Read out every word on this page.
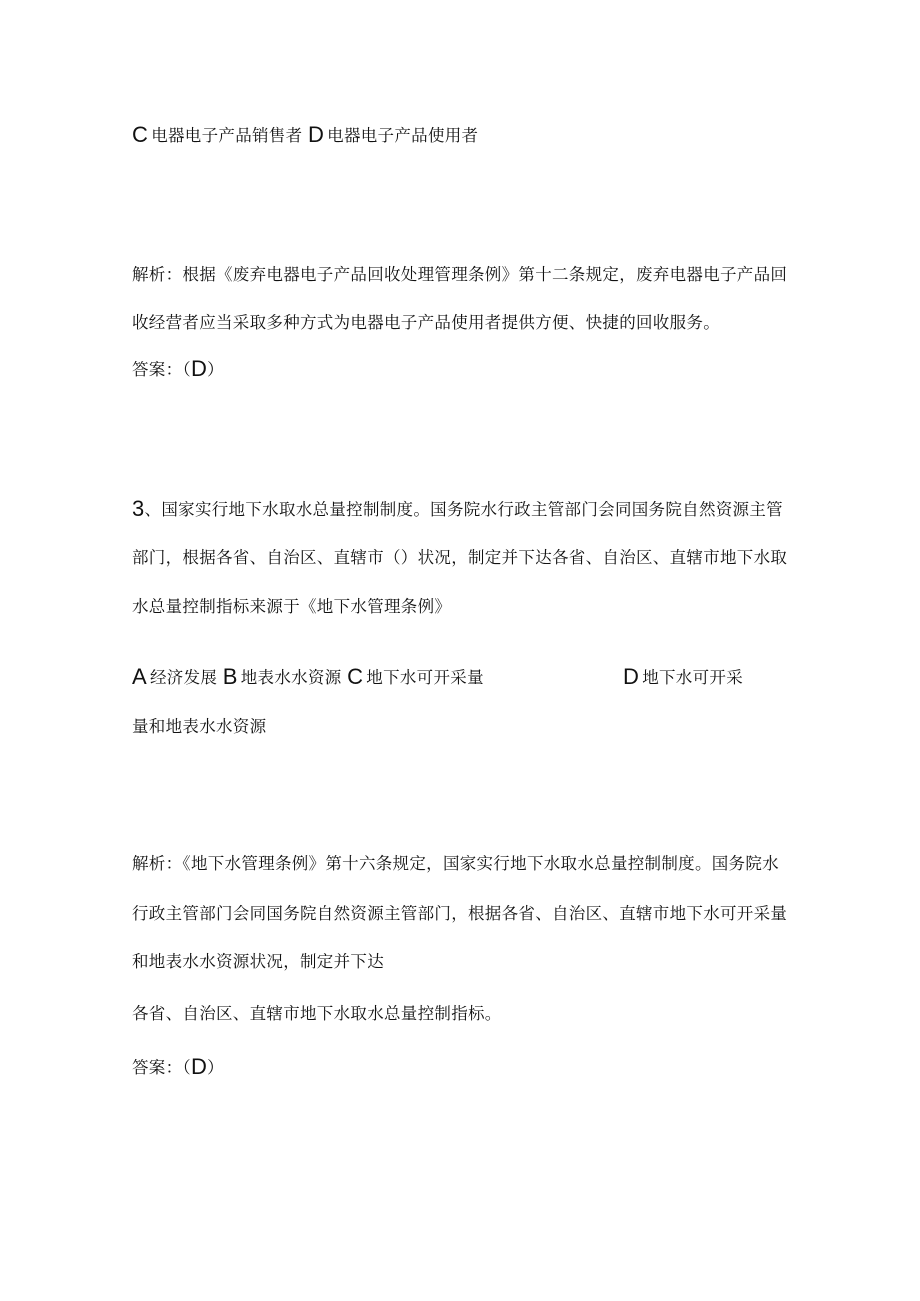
C 电器电子产品销售者 D 电器电子产品使用者
解析：根据《废弃电器电子产品回收处理管理条例》第十二条规定，废弃电器电子产品回
收经营者应当采取多种方式为电器电子产品使用者提供方便、快捷的回收服务。
答案：（D）
3、国家实行地下水取水总量控制制度。国务院水行政主管部门会同国务院自然资源主管
部门，根据各省、自治区、直辖市（）状况，制定并下达各省、自治区、直辖市地下水取
水总量控制指标来源于《地下水管理条例》
A 经济发展 B 地表水水资源 C 地下水可开采量	D 地下水可开采
量和地表水水资源
解析：《地下水管理条例》第十六条规定，国家实行地下水取水总量控制制度。国务院水
行政主管部门会同国务院自然资源主管部门，根据各省、自治区、直辖市地下水可开采量
和地表水水资源状况，制定并下达
各省、自治区、直辖市地下水取水总量控制指标。
答案：（D）
